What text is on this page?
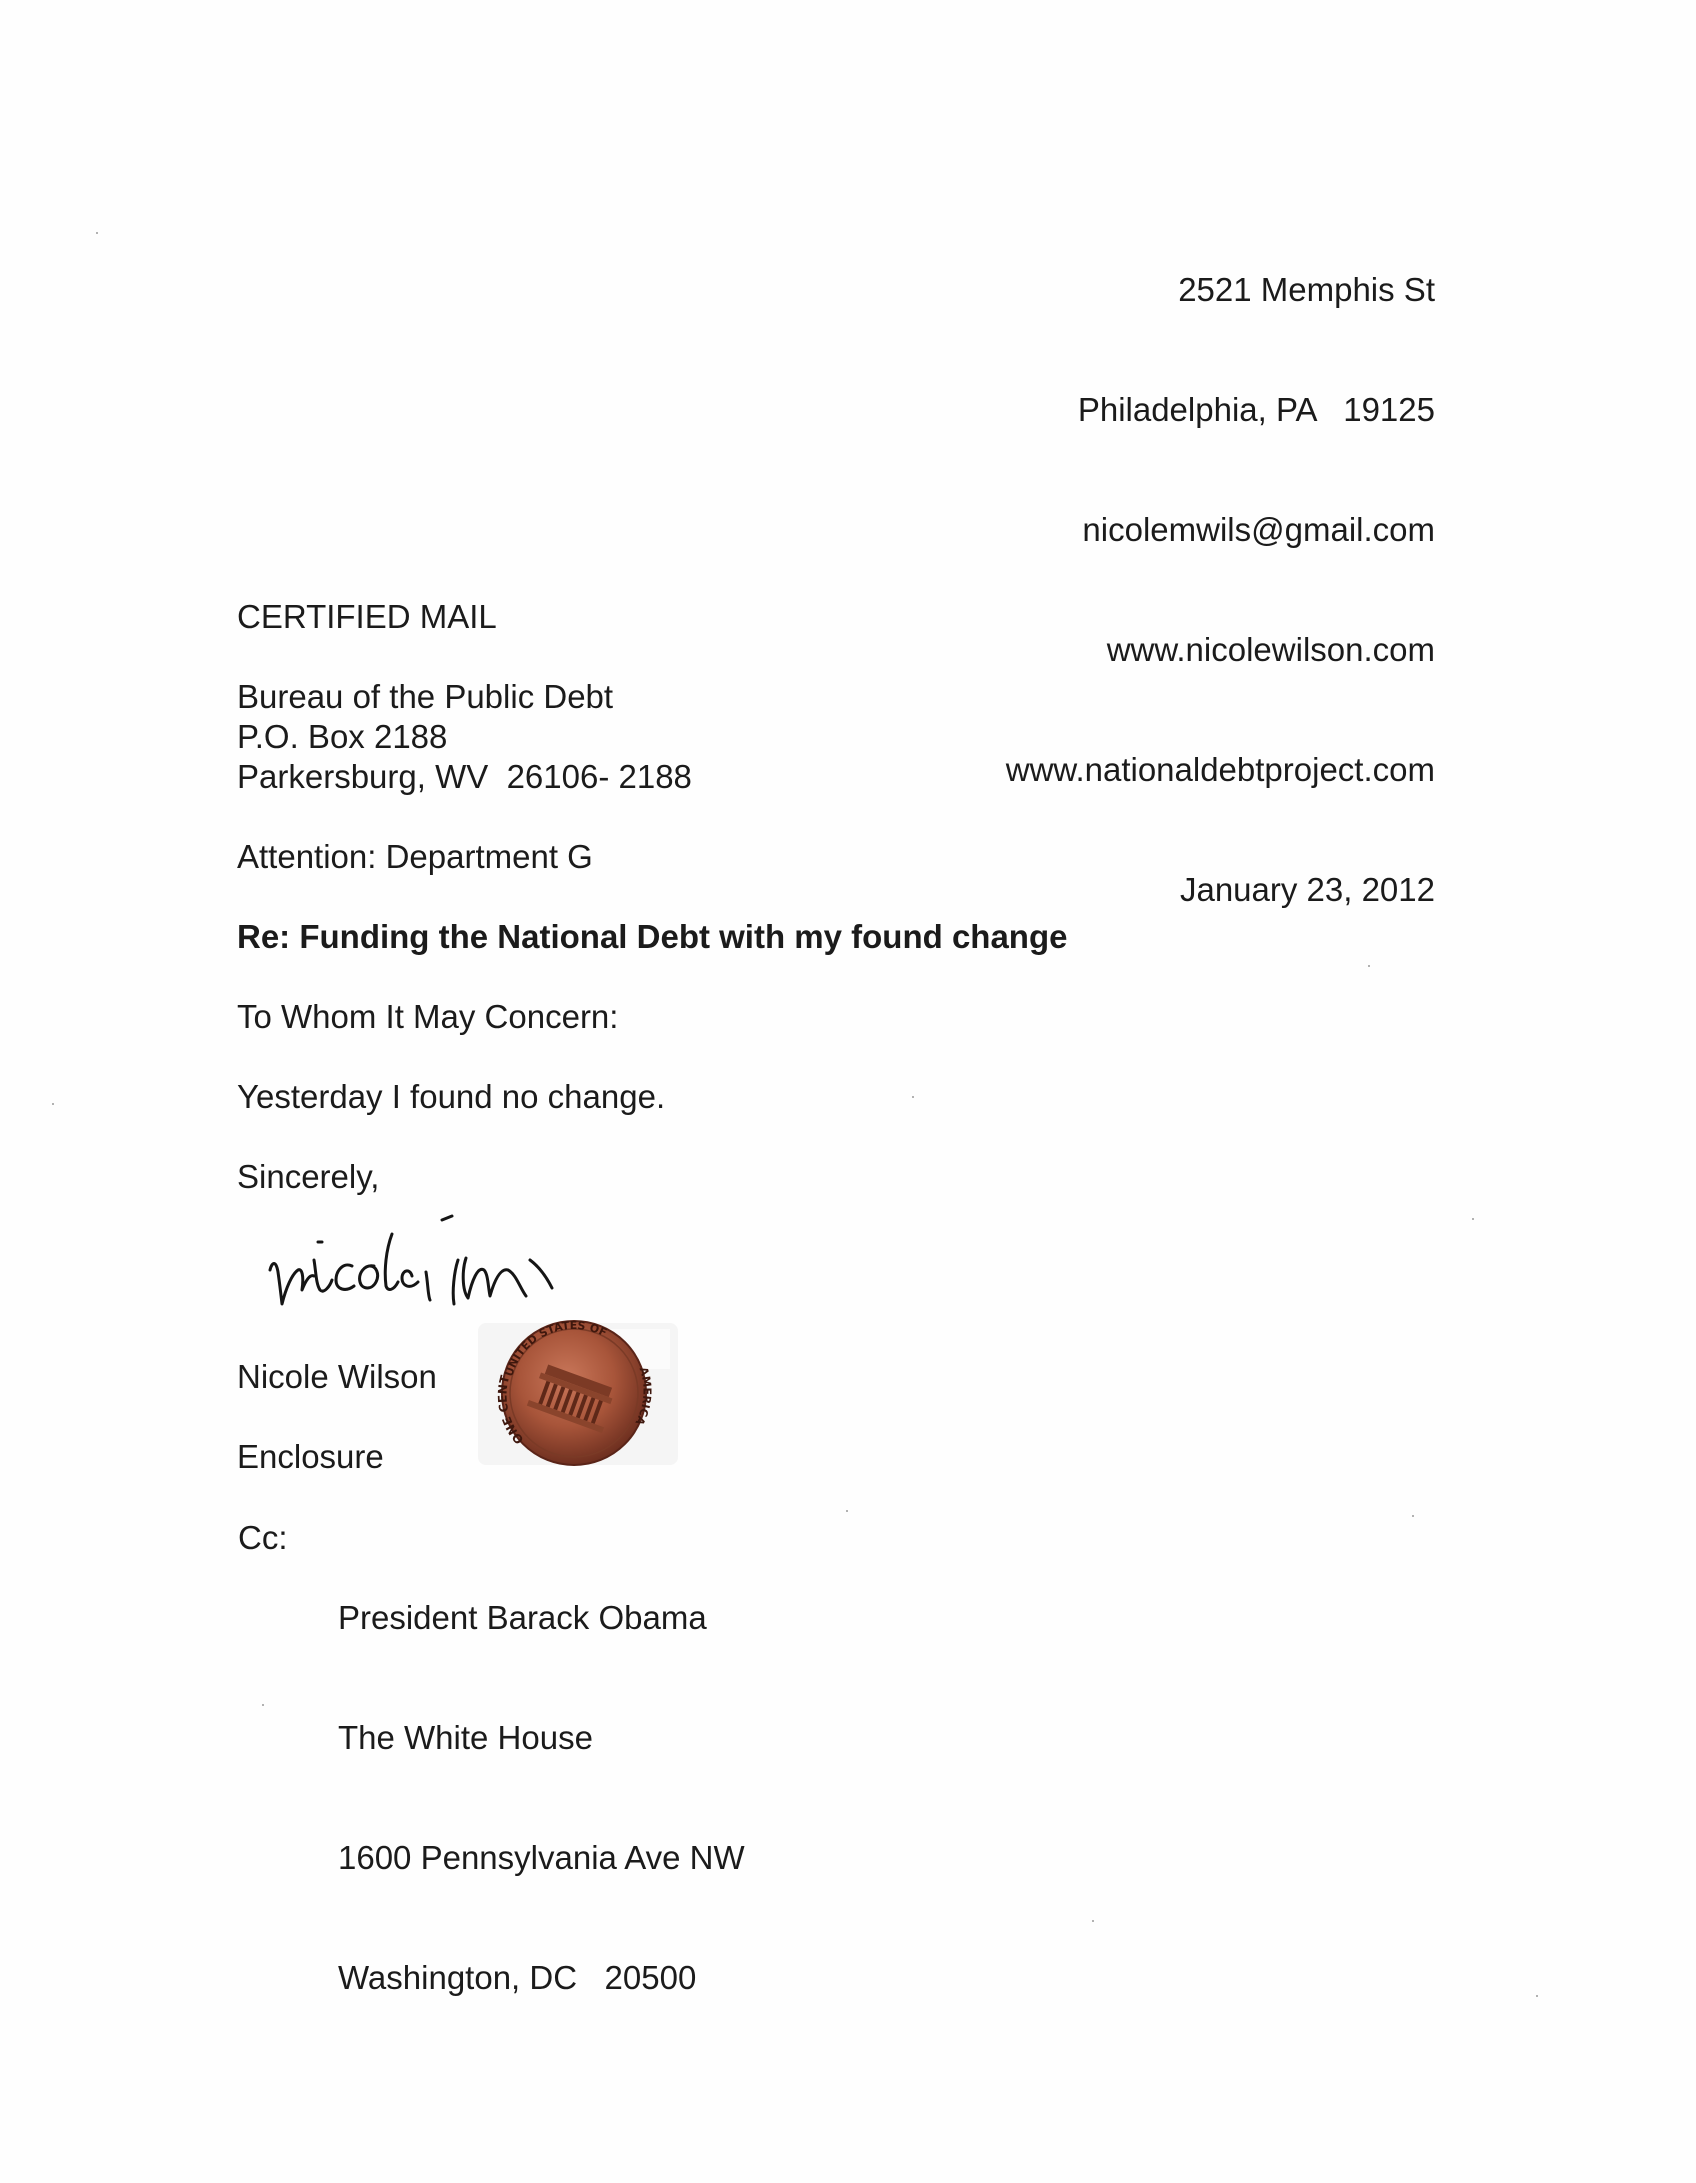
2521 Memphis St

Philadelphia, PA   19125

nicolemwils@gmail.com

www.nicolewilson.com

www.nationaldebtproject.com

January 23, 2012

CERTIFIED MAIL
Bureau of the Public Debt
P.O. Box 2188
Parkersburg, WV  26106- 2188
Attention: Department G
Re: Funding the National Debt with my found change
To Whom It May Concern:
Yesterday I found no change.
Sincerely,
Nicole Wilson	UNITED STATES OF
ONE CENT
AMERICA
Enclosure
Cc:

President Barack Obama

The White House

1600 Pennsylvania Ave NW

Washington, DC   20500
